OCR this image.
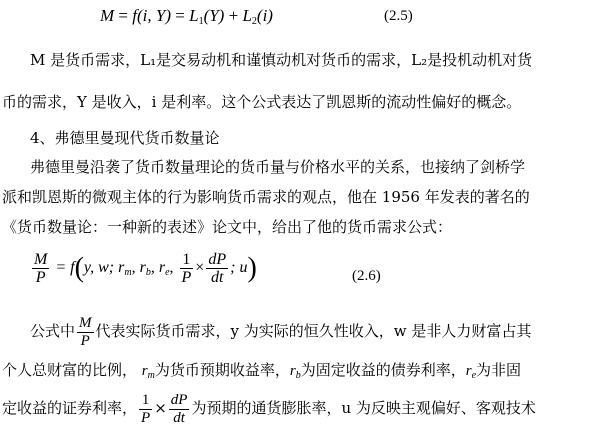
M = f(i, $Y) = L_1(Y) + L_2(i)$	(2.5)
M 是货币需求，L₁是交易动机和谨慎动机对货币的需求，L₂是投机动机对货
币的需求，Y 是收入，i 是利率。这个公式表达了凯恩斯的流动性偏好的概念。
4、弗德里曼现代货币数量论
弗德里曼沿袭了货币数量理论的货币量与价格水平的关系，也接纳了剑桥学
派和凯恩斯的微观主体的行为影响货币需求的观点，他在 1956 年发表的著名的
《货币数量论：一种新的表述》论文中，给出了他的货币需求公式：
$\frac{M}{P} = f(y$, w; $r_m$, $r_b$, $r_e$, $\frac{1}{P} \times \frac{dP}{dt}$ ; u)	(2.6)
公式中 $\frac{M}{P}$ 代表实际货币需求，y 为实际的恒久性收入，w 是非人力财富占其
个人总财富的比例， $r_m$为货币预期收益率，$r_b$为固定收益的债券利率，$r_e$为非固
定收益的证券利率， $\frac{1}{P} \times \frac{dP}{dt}$ 为预期的通货膨胀率，u 为反映主观偏好、客观技术
